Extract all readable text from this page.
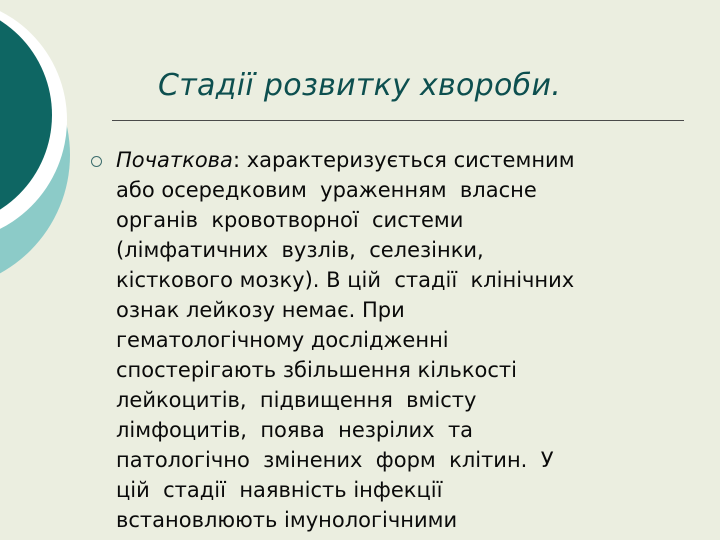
Стадії розвитку хвороби.

Початкова: характеризується системним
або осередковим  ураженням  власне
органів  кровотворної  системи
(лімфатичних  вузлів,  селезінки,
кісткового мозку). В цій  стадії  клінічних
ознак лейкозу немає. При
гематологічному дослідженні
спостерігають збільшення кількості
лейкоцитів,  підвищення  вмісту
лімфоцитів,  поява  незрілих  та
патологічно  змінених  форм  клітин.  У
цій  стадії  наявність інфекції
встановлюють імунологічними
